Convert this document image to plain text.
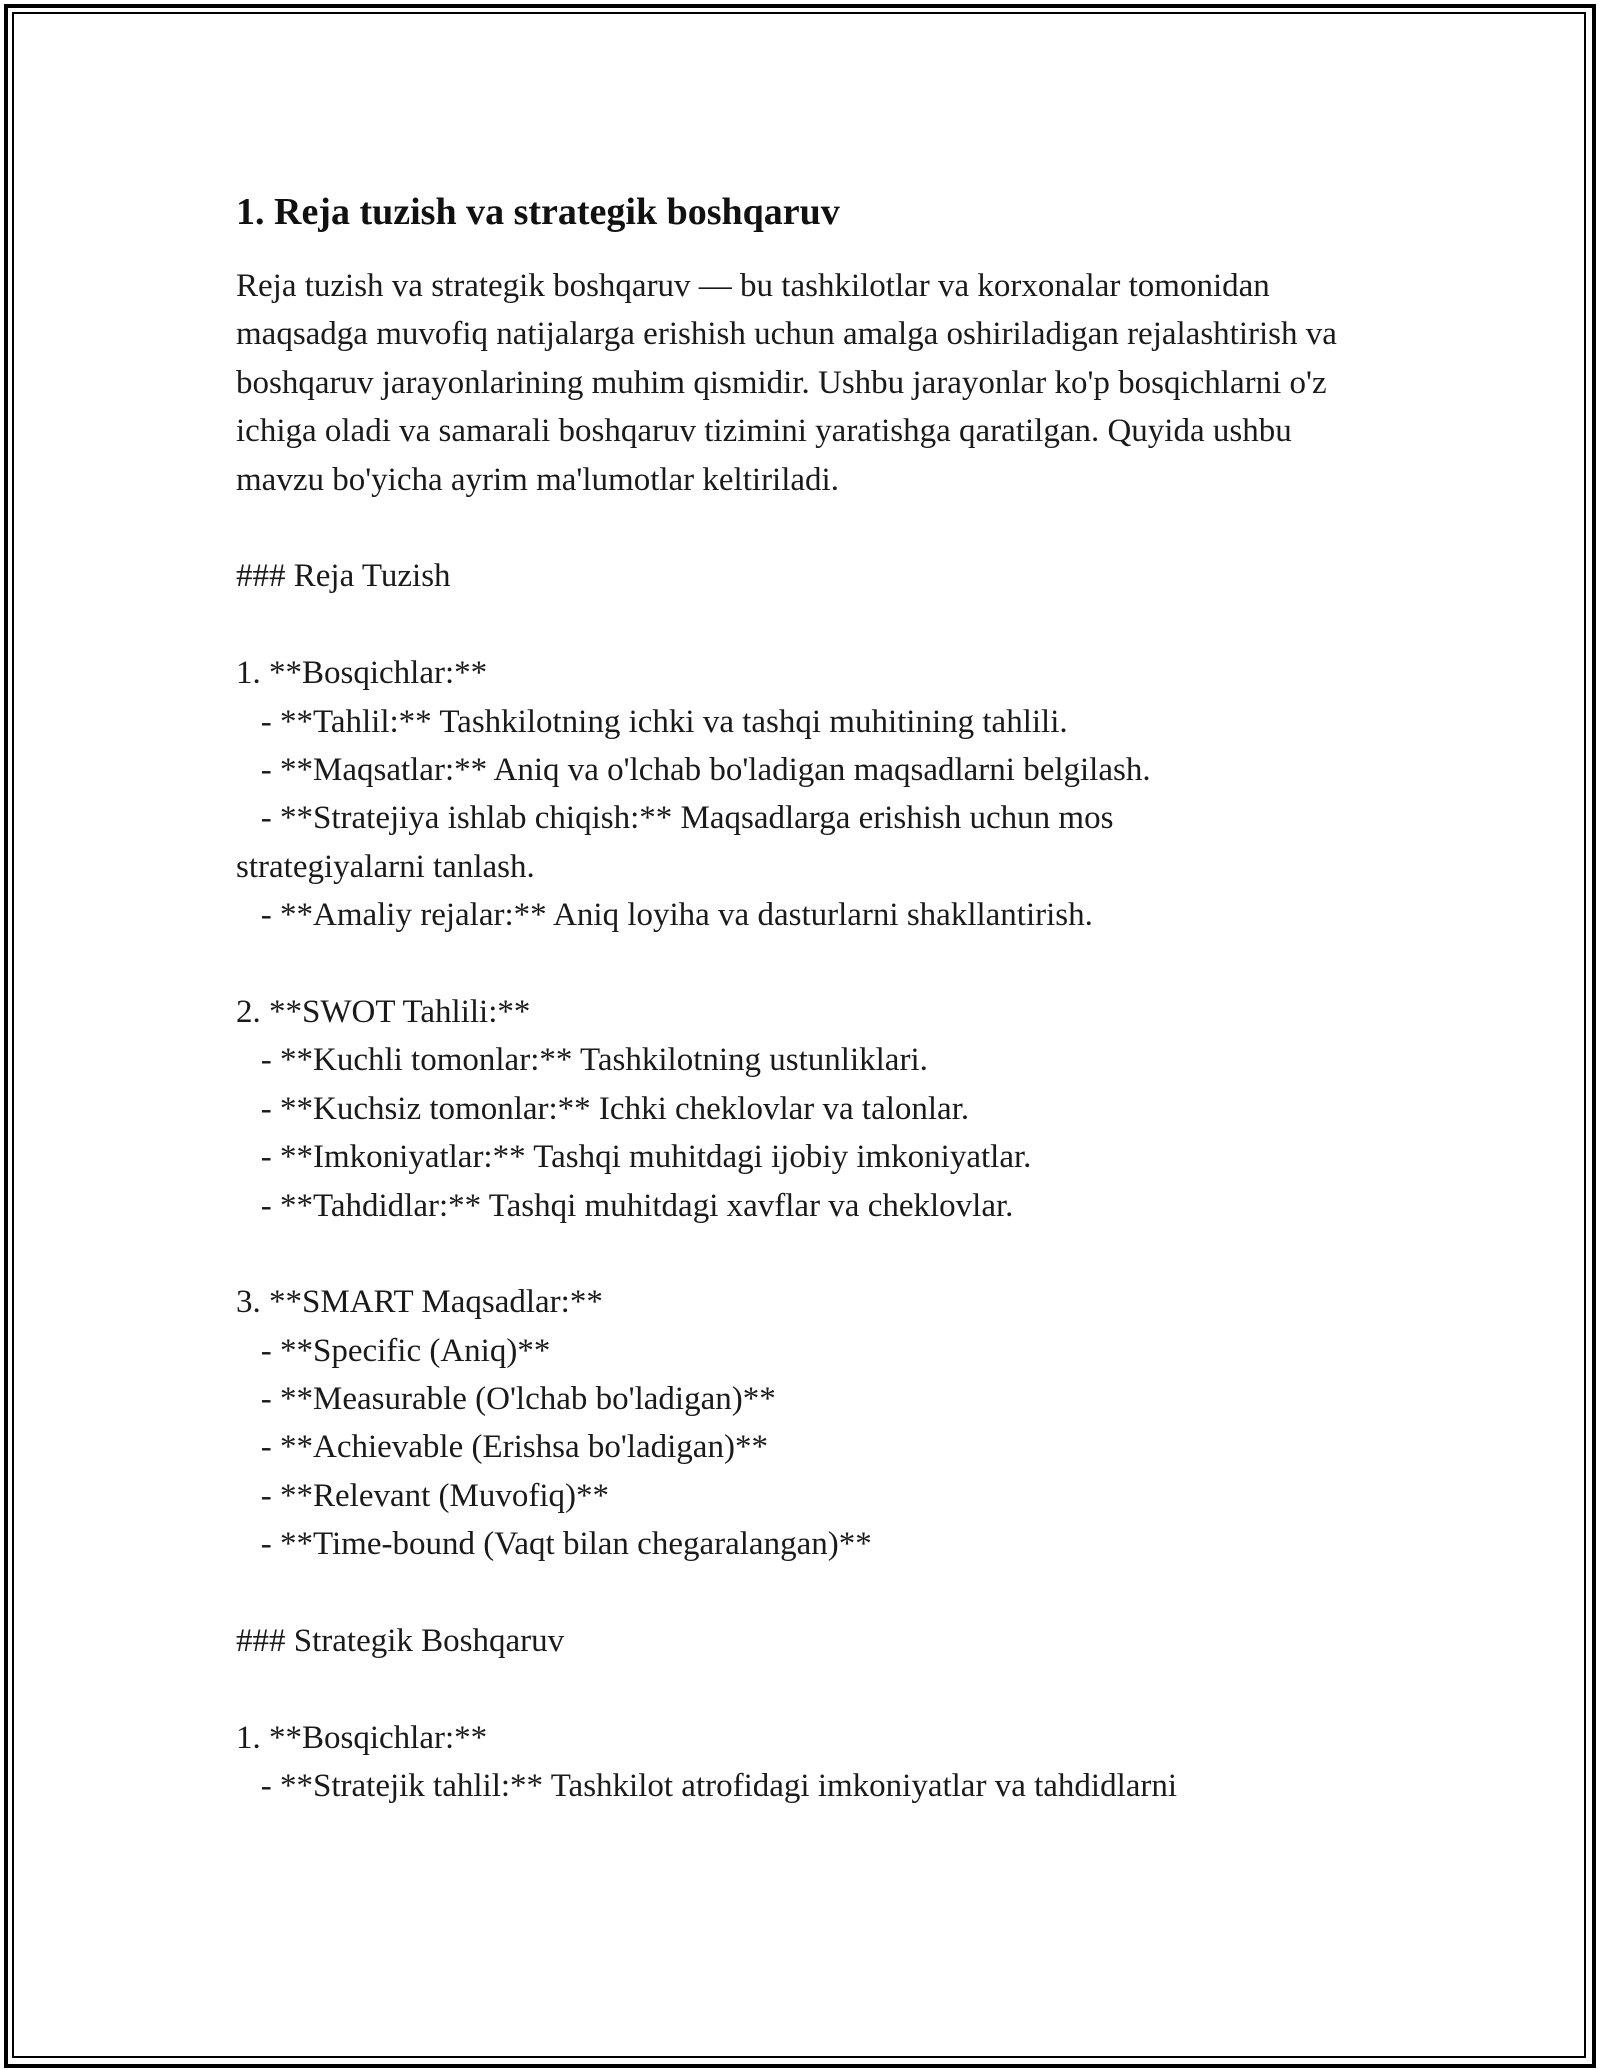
1. Reja tuzish va strategik boshqaruv

Reja tuzish va strategik boshqaruv — bu tashkilotlar va korxonalar tomonidan maqsadga muvofiq natijalarga erishish uchun amalga oshiriladigan rejalashtirish va boshqaruv jarayonlarining muhim qismidir. Ushbu jarayonlar ko'p bosqichlarni o'z ichiga oladi va samarali boshqaruv tizimini yaratishga qaratilgan. Quyida ushbu mavzu bo'yicha ayrim ma'lumotlar keltiriladi.

### Reja Tuzish
1. **Bosqichlar:**
- **Tahlil:** Tashkilotning ichki va tashqi muhitining tahlili.
- **Maqsatlar:** Aniq va o'lchab bo'ladigan maqsadlarni belgilash.
- **Stratejiya ishlab chiqish:** Maqsadlarga erishish uchun mos
strategiyalarni tanlash.
- **Amaliy rejalar:** Aniq loyiha va dasturlarni shakllantirish.
2. **SWOT Tahlili:**
- **Kuchli tomonlar:** Tashkilotning ustunliklari.
- **Kuchsiz tomonlar:** Ichki cheklovlar va talonlar.
- **Imkoniyatlar:** Tashqi muhitdagi ijobiy imkoniyatlar.
- **Tahdidlar:** Tashqi muhitdagi xavflar va cheklovlar.
3. **SMART Maqsadlar:**
- **Specific (Aniq)**
- **Measurable (O'lchab bo'ladigan)**
- **Achievable (Erishsa bo'ladigan)**
- **Relevant (Muvofiq)**
- **Time-bound (Vaqt bilan chegaralangan)**
### Strategik Boshqaruv
1. **Bosqichlar:**
- **Stratejik tahlil:** Tashkilot atrofidagi imkoniyatlar va tahdidlarni
